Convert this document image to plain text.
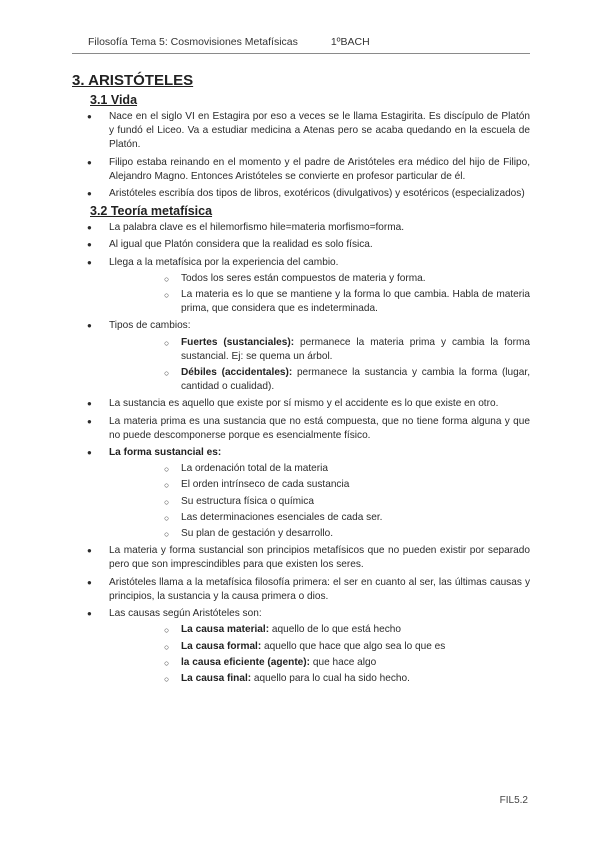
Filosofía Tema 5: Cosmovisiones Metafísicas	1ºBACH
3. ARISTÓTELES
3.1 Vida
● Nace en el siglo VI en Estagira por eso a veces se le llama Estagirita. Es discípulo de Platón y fundó el Liceo. Va a estudiar medicina a Atenas pero se acaba quedando en la escuela de Platón.
● Filipo estaba reinando en el momento y el padre de Aristóteles era médico del hijo de Filipo, Alejandro Magno. Entonces Aristóteles se convierte en profesor particular de él.
● Aristóteles escribía dos tipos de libros, exotéricos (divulgativos) y esotéricos (especializados)
3.2 Teoría metafísica
● La palabra clave es el hilemorfismo hile=materia morfismo=forma.
● Al igual que Platón considera que la realidad es solo física.
● Llega a la metafísica por la experiencia del cambio.
○ Todos los seres están compuestos de materia y forma.
○ La materia es lo que se mantiene y la forma lo que cambia. Habla de materia prima, que considera que es indeterminada.
● Tipos de cambios:
○ Fuertes (sustanciales): permanece la materia prima y cambia la forma sustancial. Ej: se quema un árbol.
○ Débiles (accidentales): permanece la sustancia y cambia la forma (lugar, cantidad o cualidad).
● La sustancia es aquello que existe por sí mismo y el accidente es lo que existe en otro.
● La materia prima es una sustancia que no está compuesta, que no tiene forma alguna y que no puede descomponerse porque es esencialmente físico.
● La forma sustancial es:
○ La ordenación total de la materia
○ El orden intrínseco de cada sustancia
○ Su estructura física o química
○ Las determinaciones esenciales de cada ser.
○ Su plan de gestación y desarrollo.
● La materia y forma sustancial son principios metafísicos que no pueden existir por separado pero que son imprescindibles para que existen los seres.
● Aristóteles llama a la metafísica filosofía primera: el ser en cuanto al ser, las últimas causas y principios, la sustancia y la causa primera o dios.
● Las causas según Aristóteles son:
○ La causa material: aquello de lo que está hecho
○ La causa formal: aquello que hace que algo sea lo que es
○ la causa eficiente (agente): que hace algo
○ La causa final: aquello para lo cual ha sido hecho.
FIL5.2
